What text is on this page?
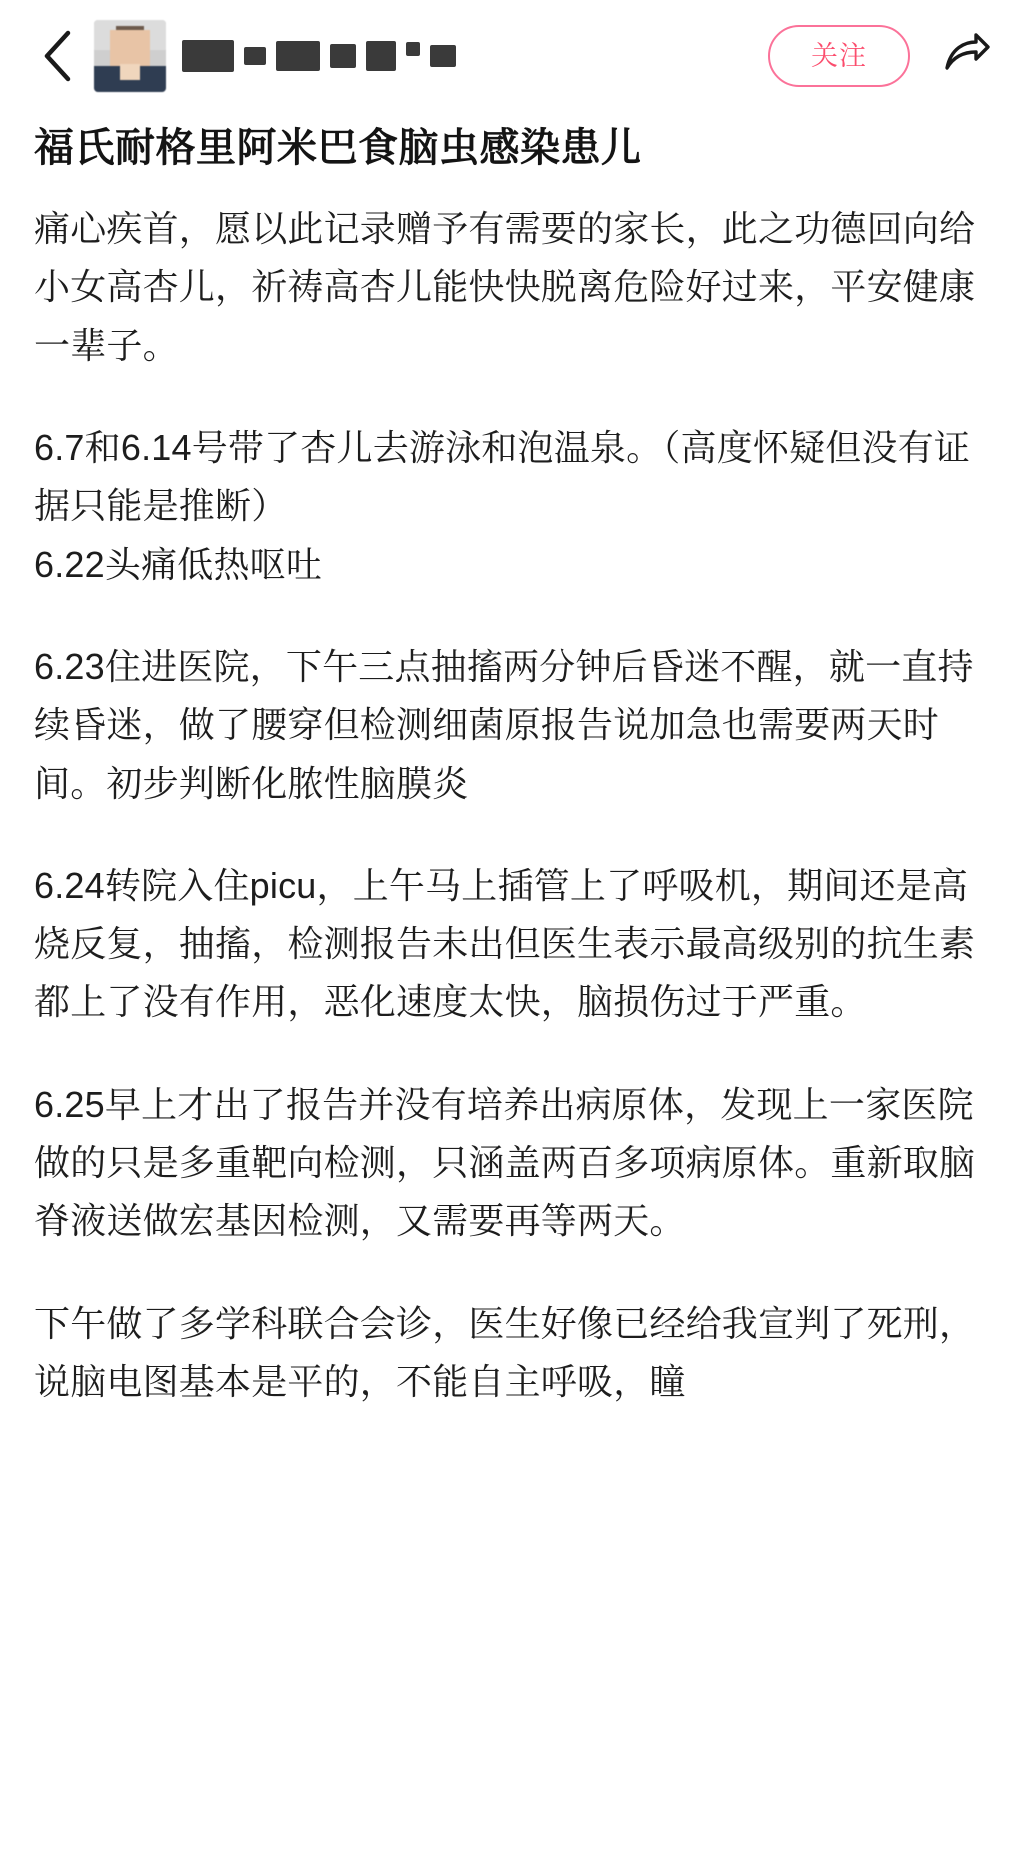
关注
福氏耐格里阿米巴食脑虫感染患儿

痛心疾首，愿以此记录赠予有需要的家长，此之功德回向给小女高杏儿，祈祷高杏儿能快快脱离危险好过来，平安健康一辈子。

6.7和6.14号带了杏儿去游泳和泡温泉。（高度怀疑但没有证据只能是推断）

6.22头痛低热呕吐

6.23住进医院，下午三点抽搐两分钟后昏迷不醒，就一直持续昏迷，做了腰穿但检测细菌原报告说加急也需要两天时间。初步判断化脓性脑膜炎

6.24转院入住picu，上午马上插管上了呼吸机，期间还是高烧反复，抽搐，检测报告未出但医生表示最高级别的抗生素都上了没有作用，恶化速度太快，脑损伤过于严重。

6.25早上才出了报告并没有培养出病原体，发现上一家医院做的只是多重靶向检测，只涵盖两百多项病原体。重新取脑脊液送做宏基因检测，又需要再等两天。

下午做了多学科联合会诊，医生好像已经给我宣判了死刑，说脑电图基本是平的，不能自主呼吸，瞳
